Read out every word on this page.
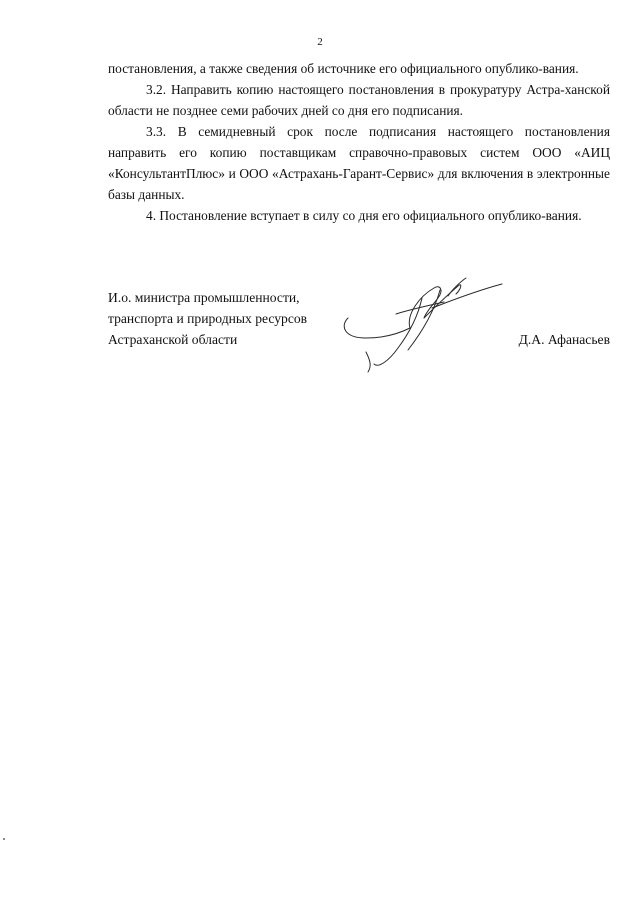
2

постановления, а также сведения об источнике его официального опублико-вания.

3.2. Направить копию настоящего постановления в прокуратуру Астра-ханской области не позднее семи рабочих дней со дня его подписания.

3.3. В семидневный срок после подписания настоящего постановления направить его копию поставщикам справочно-правовых систем ООО «АИЦ «КонсультантПлюс» и ООО «Астрахань-Гарант-Сервис» для включения в электронные базы данных.

4. Постановление вступает в силу со дня его официального опублико-вания.

И.о. министра промышленности,
транспорта и природных ресурсов
Астраханской области	Д.А. Афанасьев
